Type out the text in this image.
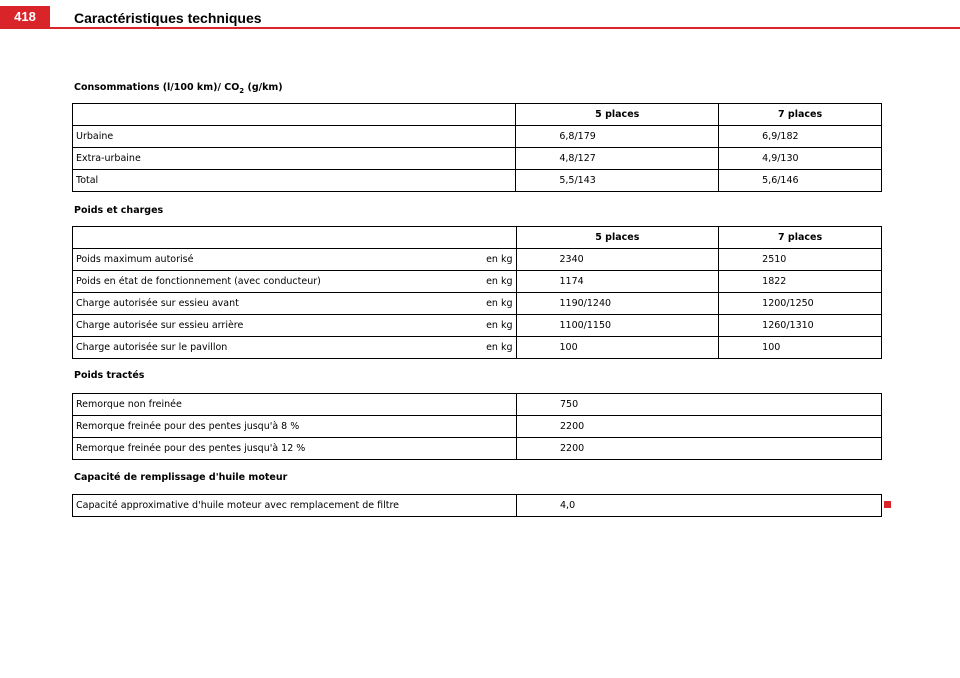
418	Caractéristiques techniques
Consommations (l/100 km)/ $CO_2$ (g/km)
	5 places	7 places
Urbaine	6,8/179	6,9/182
Extra-urbaine	4,8/127	4,9/130
Total	5,5/143	5,6/146
Poids et charges
		5 places	7 places
Poids maximum autorisé	en kg	2340	2510
Poids en état de fonctionnement (avec conducteur)	en kg	1174	1822
Charge autorisée sur essieu avant	en kg	1190/1240	1200/1250
Charge autorisée sur essieu arrière	en kg	1100/1150	1260/1310
Charge autorisée sur le pavillon	en kg	100	100
Poids tractés
Remorque non freinée	750
Remorque freinée pour des pentes jusqu'à 8 %	2200
Remorque freinée pour des pentes jusqu'à 12 %	2200
Capacité de remplissage d'huile moteur
Capacité approximative d'huile moteur avec remplacement de filtre	4,0
